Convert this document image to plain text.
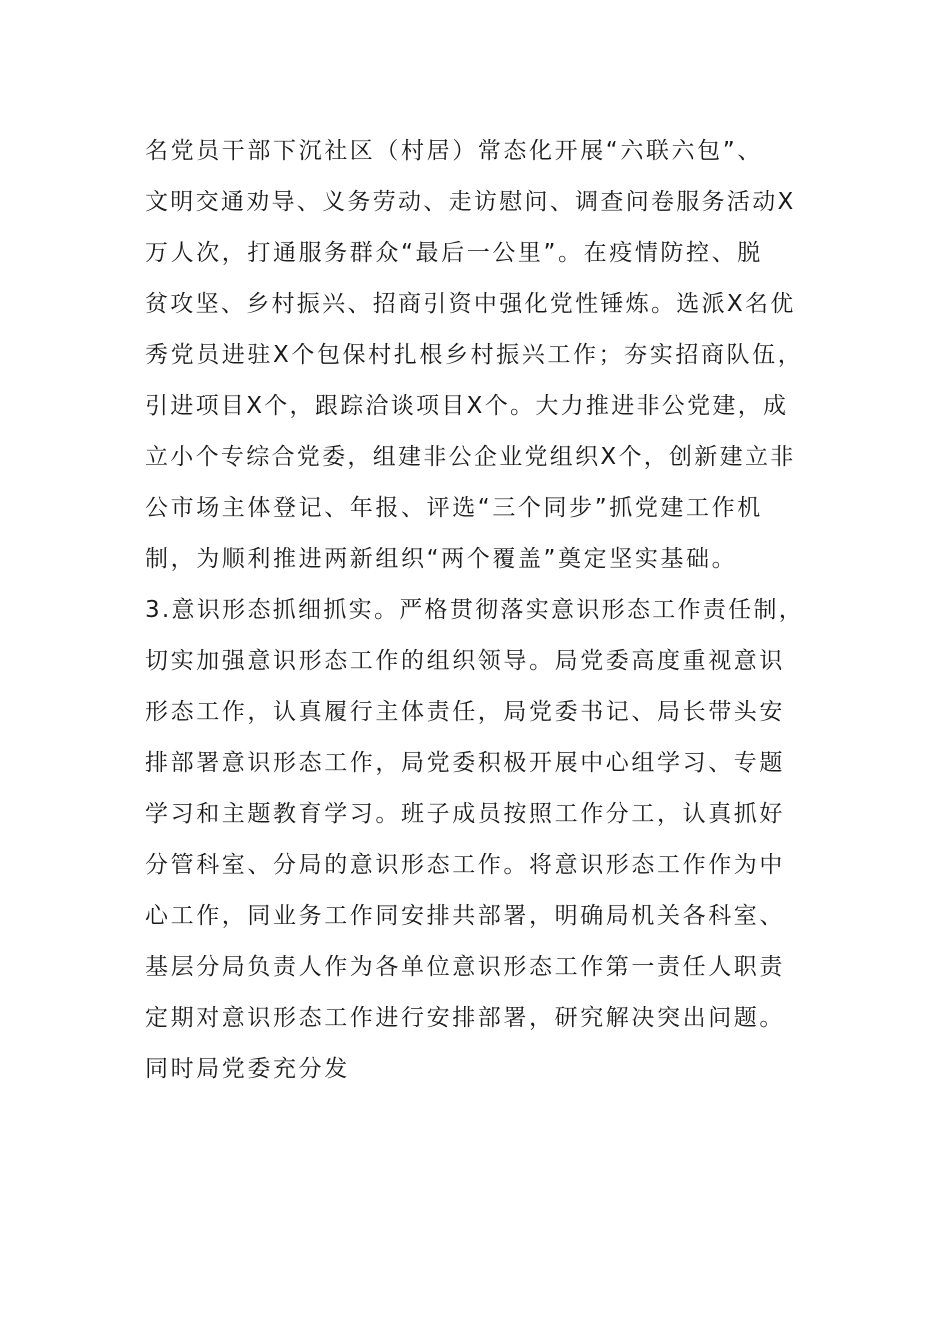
名党员干部下沉社区（村居）常态化开展“六联六包”、
文明交通劝导、义务劳动、走访慰问、调查问卷服务活动X
万人次，打通服务群众“最后一公里”。在疫情防控、脱
贫攻坚、乡村振兴、招商引资中强化党性锤炼。选派X名优
秀党员进驻X个包保村扎根乡村振兴工作；夯实招商队伍，
引进项目X个，跟踪洽谈项目X个。大力推进非公党建，成
立小个专综合党委，组建非公企业党组织X个，创新建立非
公市场主体登记、年报、评选“三个同步”抓党建工作机
制，为顺利推进两新组织“两个覆盖”奠定坚实基础。
3.意识形态抓细抓实。严格贯彻落实意识形态工作责任制，
切实加强意识形态工作的组织领导。局党委高度重视意识
形态工作，认真履行主体责任，局党委书记、局长带头安
排部署意识形态工作，局党委积极开展中心组学习、专题
学习和主题教育学习。班子成员按照工作分工，认真抓好
分管科室、分局的意识形态工作。将意识形态工作作为中
心工作，同业务工作同安排共部署，明确局机关各科室、
基层分局负责人作为各单位意识形态工作第一责任人职责
定期对意识形态工作进行安排部署，研究解决突出问题。
同时局党委充分发
